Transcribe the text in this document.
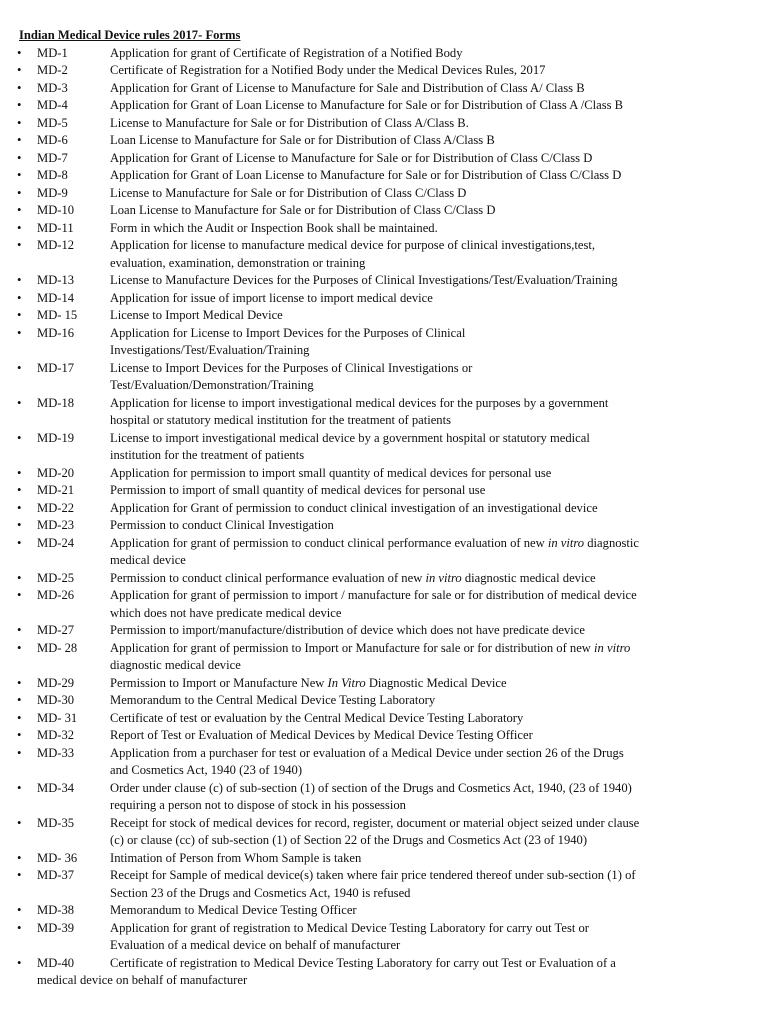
Indian Medical Device rules 2017- Forms
• MD-1	Application for grant of Certificate of Registration of a Notified Body
• MD-2	Certificate of Registration for a Notified Body under the Medical Devices Rules, 2017
• MD-3	Application for Grant of License to Manufacture for Sale and Distribution of Class A/ Class B
• MD-4	Application for Grant of Loan License to Manufacture for Sale or for Distribution of Class A /Class B
• MD-5	License to Manufacture for Sale or for Distribution of Class A/Class B.
• MD-6	Loan License to Manufacture for Sale or for Distribution of Class A/Class B
• MD-7	Application for Grant of License to Manufacture for Sale or for Distribution of Class C/Class D
• MD-8	Application for Grant of Loan License to Manufacture for Sale or for Distribution of Class C/Class D
• MD-9	License to Manufacture for Sale or for Distribution of Class C/Class D
• MD-10	Loan License to Manufacture for Sale or for Distribution of Class C/Class D
• MD-11	Form in which the Audit or Inspection Book shall be maintained.
• MD-12	Application for license to manufacture medical device for purpose of clinical investigations,test, evaluation, examination, demonstration or training
• MD-13	License to Manufacture Devices for the Purposes of Clinical Investigations/Test/Evaluation/Training
• MD-14	Application for issue of import license to import medical device
• MD- 15	License to Import Medical Device
• MD-16	Application for License to Import Devices for the Purposes of Clinical Investigations/Test/Evaluation/Training
• MD-17	License to Import Devices for the Purposes of Clinical Investigations or Test/Evaluation/Demonstration/Training
• MD-18	Application for license to import investigational medical devices for the purposes by a government hospital or statutory medical institution for the treatment of patients
• MD-19	License to import investigational medical device by a government hospital or statutory medical institution for the treatment of patients
• MD-20	Application for permission to import small quantity of medical devices for personal use
• MD-21	Permission to import of small quantity of medical devices for personal use
• MD-22	Application for Grant of permission to conduct clinical investigation of an investigational device
• MD-23	Permission to conduct Clinical Investigation
• MD-24	Application for grant of permission to conduct clinical performance evaluation of new in vitro diagnostic medical device
• MD-25	Permission to conduct clinical performance evaluation of new in vitro diagnostic medical device
• MD-26	Application for grant of permission to import / manufacture for sale or for distribution of medical device which does not have predicate medical device
• MD-27	Permission to import/manufacture/distribution of device which does not have predicate device
• MD- 28	Application for grant of permission to Import or Manufacture for sale or for distribution of new in vitro diagnostic medical device
• MD-29	Permission to Import or Manufacture New In Vitro Diagnostic Medical Device
• MD-30	Memorandum to the Central Medical Device Testing Laboratory
• MD- 31	Certificate of test or evaluation by the Central Medical Device Testing Laboratory
• MD-32	Report of Test or Evaluation of Medical Devices by Medical Device Testing Officer
• MD-33	Application from a purchaser for test or evaluation of a Medical Device under section 26 of the Drugs and Cosmetics Act, 1940 (23 of 1940)
• MD-34	Order under clause (c) of sub-section (1) of section of the Drugs and Cosmetics Act, 1940, (23 of 1940) requiring a person not to dispose of stock in his possession
• MD-35	Receipt for stock of medical devices for record, register, document or material object seized under clause (c) or clause (cc) of sub-section (1) of Section 22 of the Drugs and Cosmetics Act (23 of 1940)
• MD- 36	Intimation of Person from Whom Sample is taken
• MD-37	Receipt for Sample of medical device(s) taken where fair price tendered thereof under sub-section (1) of Section 23 of the Drugs and Cosmetics Act, 1940 is refused
• MD-38	Memorandum to Medical Device Testing Officer
• MD-39	Application for grant of registration to Medical Device Testing Laboratory for carry out Test or Evaluation of a medical device on behalf of manufacturer
• MD-40	Certificate of registration to Medical Device Testing Laboratory for carry out Test or Evaluation of a medical device on behalf of manufacturer
